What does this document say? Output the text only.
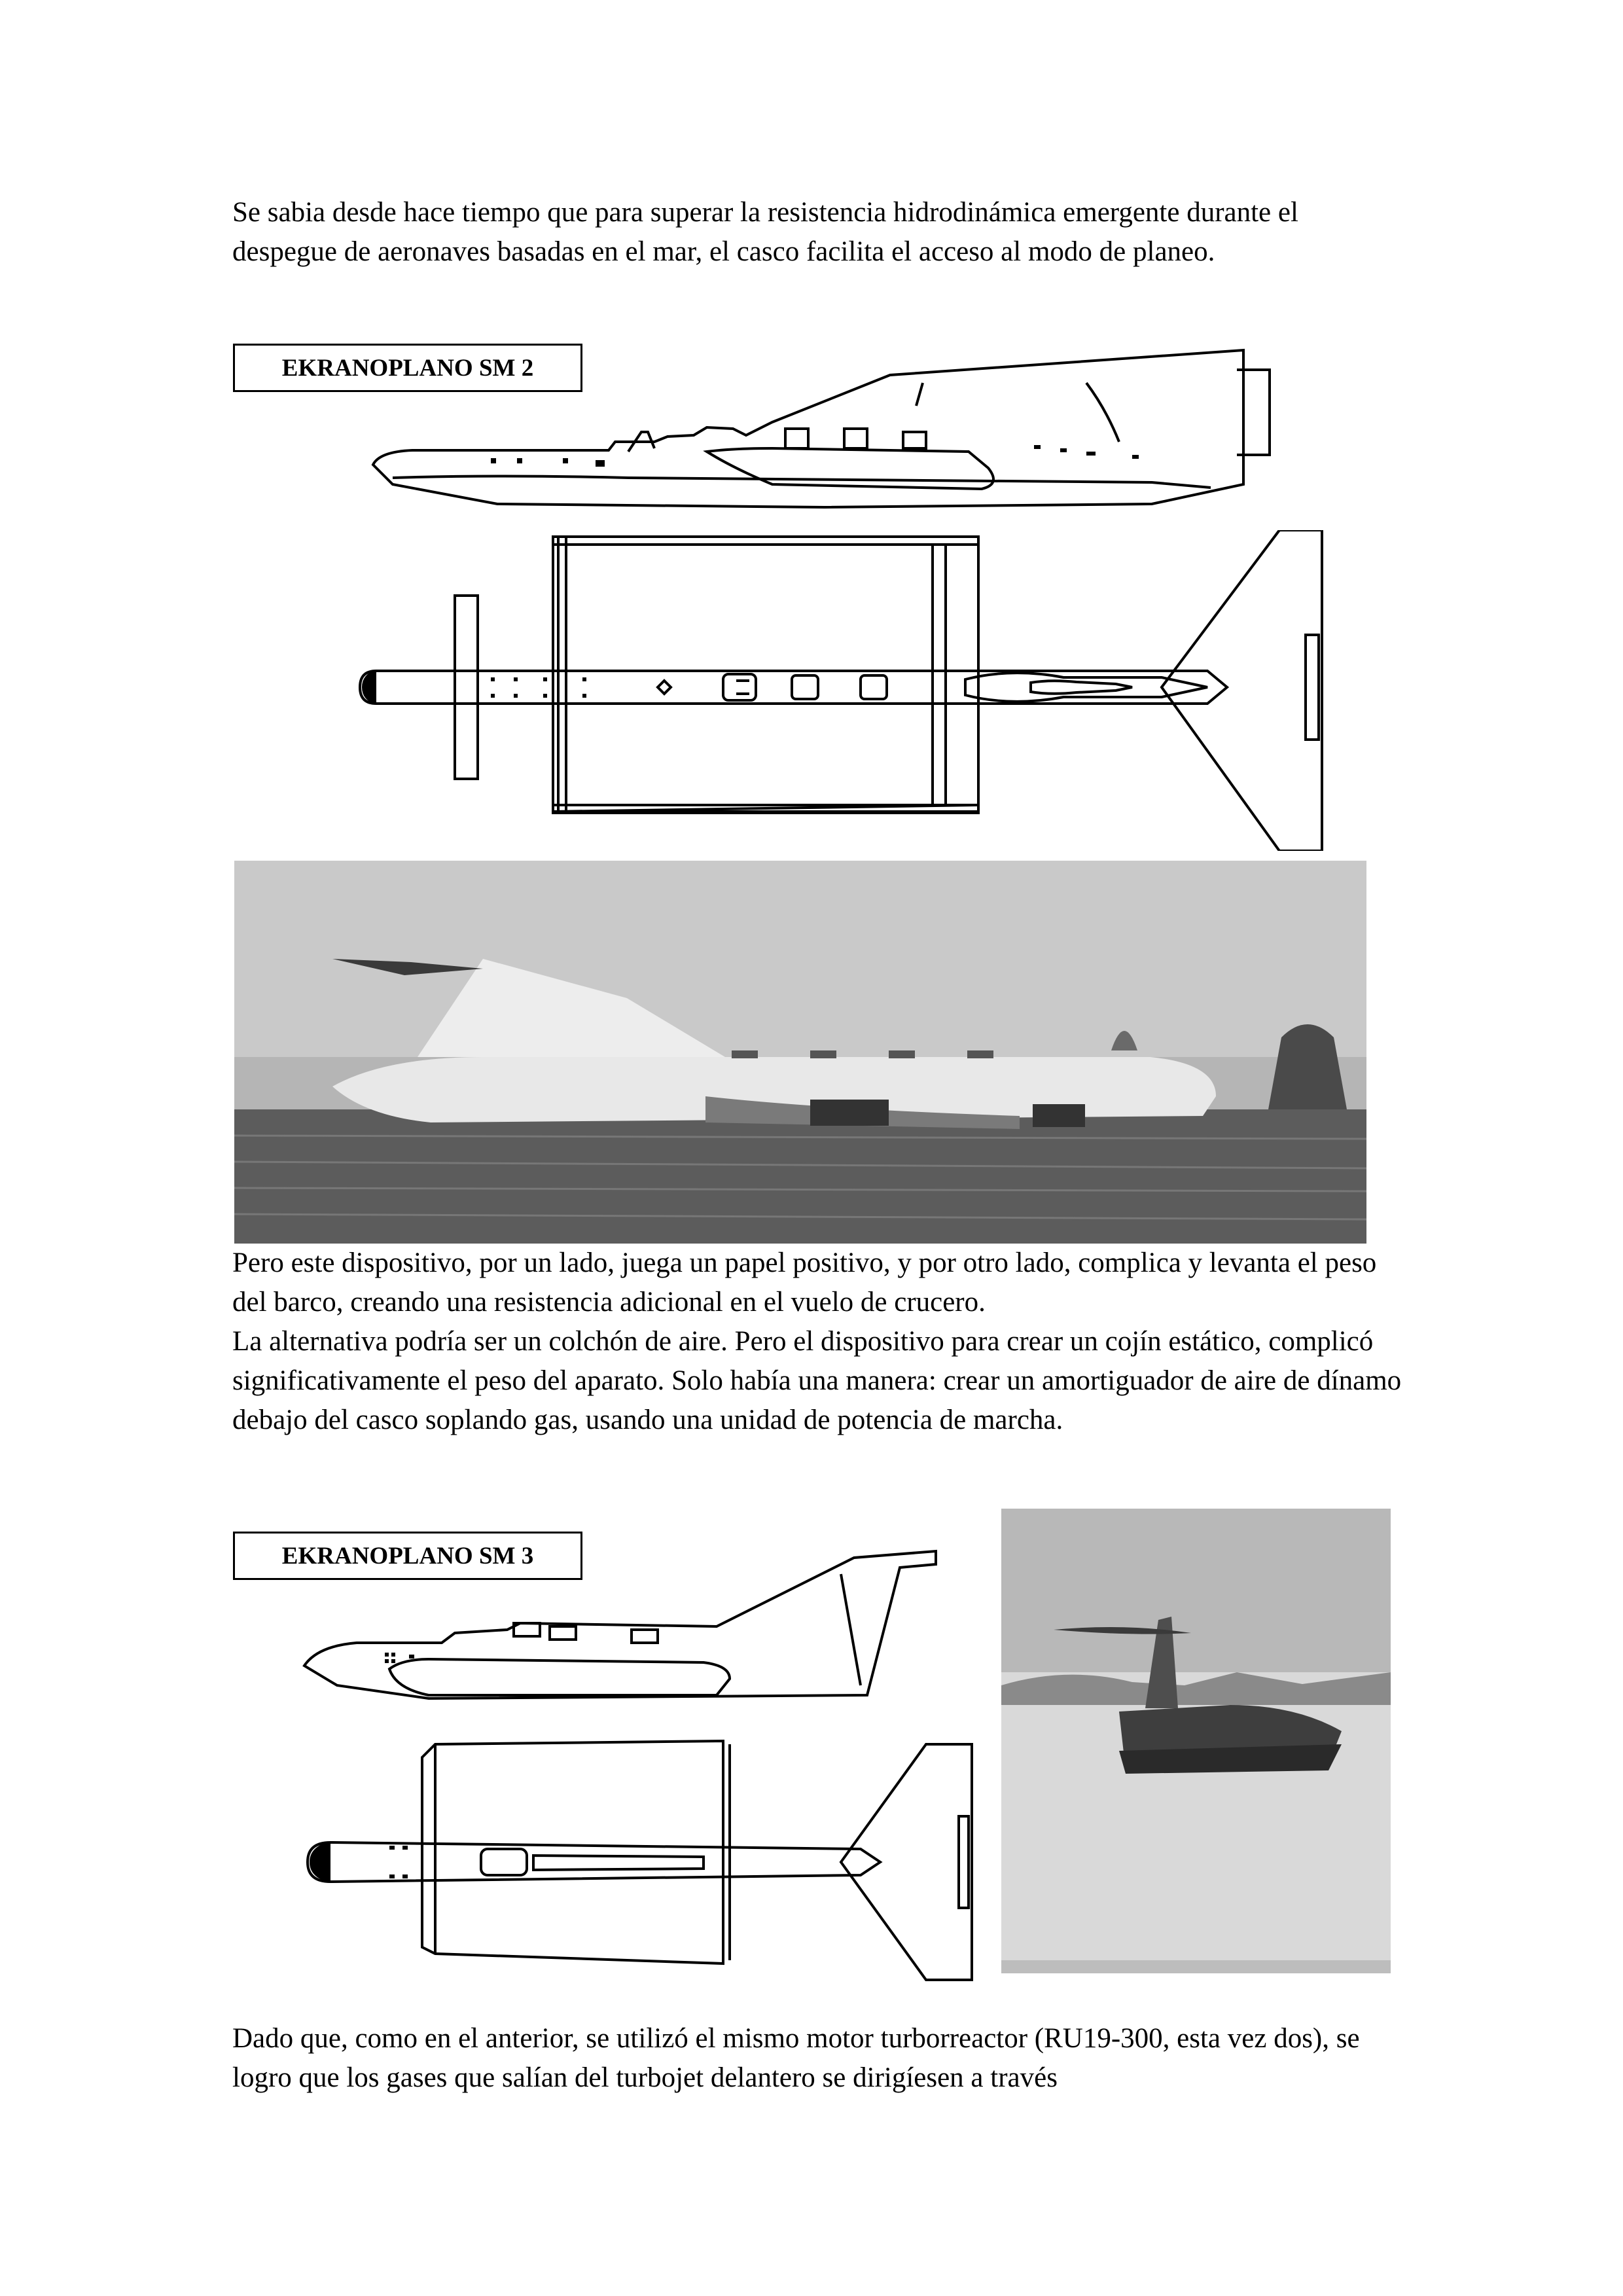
Se sabia desde hace tiempo que para superar la resistencia hidrodinámica emergente durante el despegue de aeronaves basadas en el mar, el casco facilita el acceso al modo de planeo.

EKRANOPLANO SM 2

Pero este dispositivo, por un lado, juega un papel positivo, y por otro lado, complica y levanta el peso del barco, creando una resistencia adicional en el vuelo de crucero.
La alternativa podría ser un colchón de aire. Pero el dispositivo para crear un cojín estático, complicó significativamente el peso del aparato. Solo había una manera: crear un amortiguador de aire de dínamo debajo del casco soplando gas, usando una unidad de potencia de marcha.

EKRANOPLANO SM 3

Dado que, como en el anterior, se utilizó el mismo motor turborreactor (RU19-300, esta vez dos), se logro que los gases que salían del turbojet delantero se dirigíesen a través
